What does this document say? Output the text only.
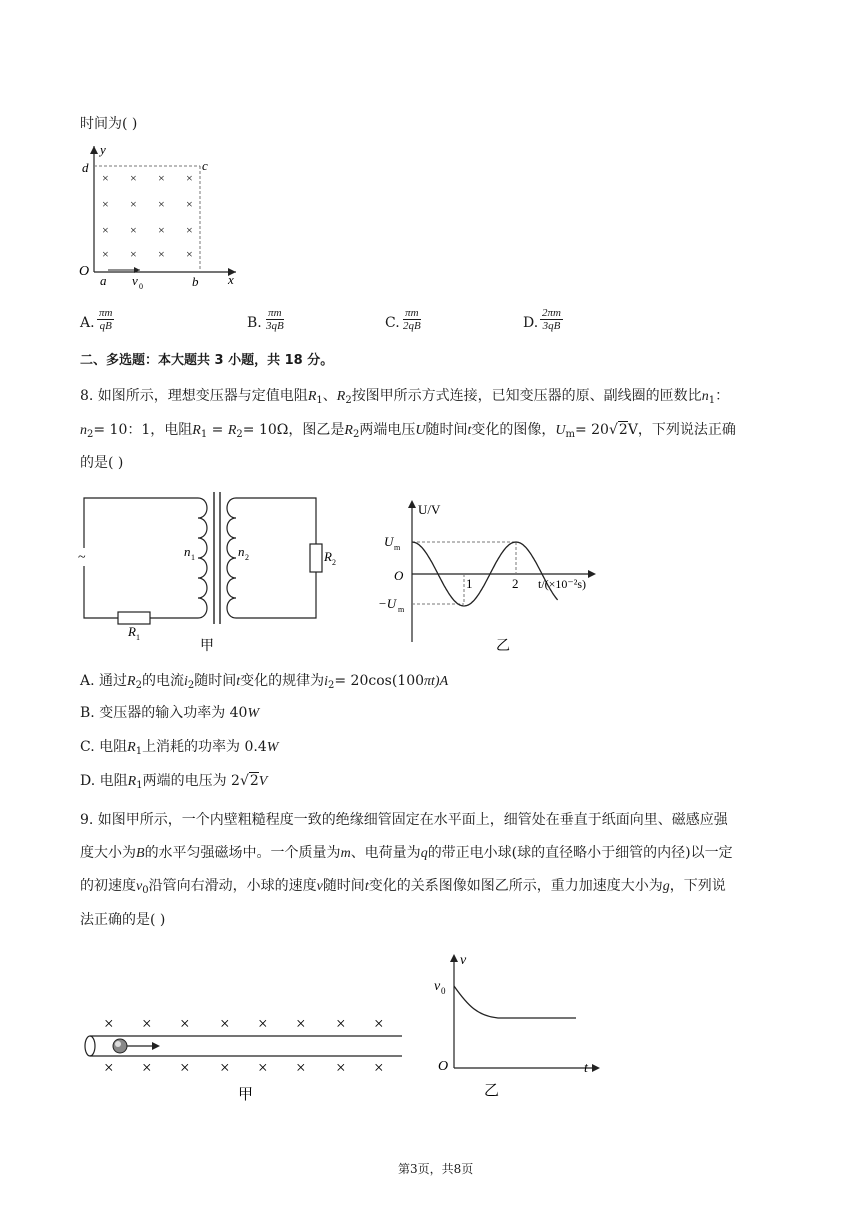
时间为( )
× × × ×
× × × ×
× × × ×
× × × ×
y
d	c
O
a v 0	b x
A. $\frac{\pi m}{qB}$	B. $\frac{\pi m}{3qB}$	C. $\frac{\pi m}{2qB}$	D. $\frac{2\pi m}{3qB}$
二、多选题：本大题共 3 小题，共 18 分。
8. 如图所示，理想变压器与定值电阻$R_1$、$R_2$按图甲所示方式连接，已知变压器的原、副线圈的匝数比$n_1$：
$n_2= 10$：1，电阻$R_1 = R_2= 10\Omega$，图乙是$R_2$两端电压U随时间t变化的图像，$U_m= 20√2V$，下列说法正确
的是( )
~	n 1	n 2	R 2
R 1
甲
U/V
U m
O
−U m
1	2 t/(×10⁻²s)
乙
A. 通过$R_2$的电流$i_2$随时间t变化的规律为$i_2= 20\cos(100\pi t)A$
B. 变压器的输入功率为 40W
C. 电阻$R_1$上消耗的功率为 0.4W
D. 电阻$R_1$两端的电压为 2√2V
9. 如图甲所示，一个内壁粗糙程度一致的绝缘细管固定在水平面上，细管处在垂直于纸面向里、磁感应强
度大小为B的水平匀强磁场中。一个质量为m、电荷量为q的带正电小球(球的直径略小于细管的内径)以一定
的初速度$v_0$沿管向右滑动，小球的速度v随时间t变化的关系图像如图乙所示，重力加速度大小为g，下列说
法正确的是( )
× × × × × × × ×
× × × × × × × ×
甲
v
v 0
O	t
乙
第3页，共8页
